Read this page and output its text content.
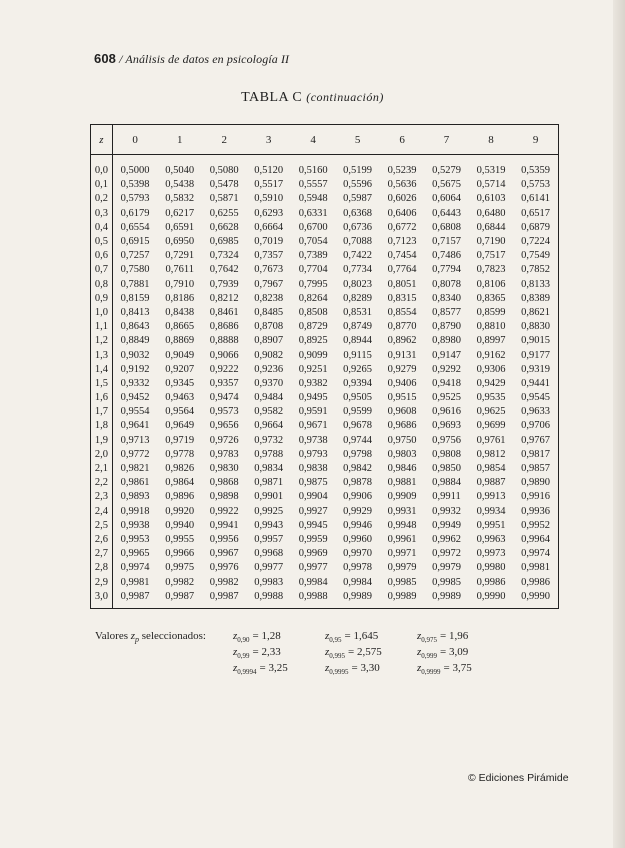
608 / Análisis de datos en psicología II
TABLA C (continuación)
z	0	1	2	3	4	5	6	7	8	9
0,0	0,5000	0,5040	0,5080	0,5120	0,5160	0,5199	0,5239	0,5279	0,5319	0,5359
0,1	0,5398	0,5438	0,5478	0,5517	0,5557	0,5596	0,5636	0,5675	0,5714	0,5753
0,2	0,5793	0,5832	0,5871	0,5910	0,5948	0,5987	0,6026	0,6064	0,6103	0,6141
0,3	0,6179	0,6217	0,6255	0,6293	0,6331	0,6368	0,6406	0,6443	0,6480	0,6517
0,4	0,6554	0,6591	0,6628	0,6664	0,6700	0,6736	0,6772	0,6808	0,6844	0,6879
0,5	0,6915	0,6950	0,6985	0,7019	0,7054	0,7088	0,7123	0,7157	0,7190	0,7224
0,6	0,7257	0,7291	0,7324	0,7357	0,7389	0,7422	0,7454	0,7486	0,7517	0,7549
0,7	0,7580	0,7611	0,7642	0,7673	0,7704	0,7734	0,7764	0,7794	0,7823	0,7852
0,8	0,7881	0,7910	0,7939	0,7967	0,7995	0,8023	0,8051	0,8078	0,8106	0,8133
0,9	0,8159	0,8186	0,8212	0,8238	0,8264	0,8289	0,8315	0,8340	0,8365	0,8389
1,0	0,8413	0,8438	0,8461	0,8485	0,8508	0,8531	0,8554	0,8577	0,8599	0,8621
1,1	0,8643	0,8665	0,8686	0,8708	0,8729	0,8749	0,8770	0,8790	0,8810	0,8830
1,2	0,8849	0,8869	0,8888	0,8907	0,8925	0,8944	0,8962	0,8980	0,8997	0,9015
1,3	0,9032	0,9049	0,9066	0,9082	0,9099	0,9115	0,9131	0,9147	0,9162	0,9177
1,4	0,9192	0,9207	0,9222	0,9236	0,9251	0,9265	0,9279	0,9292	0,9306	0,9319
1,5	0,9332	0,9345	0,9357	0,9370	0,9382	0,9394	0,9406	0,9418	0,9429	0,9441
1,6	0,9452	0,9463	0,9474	0,9484	0,9495	0,9505	0,9515	0,9525	0,9535	0,9545
1,7	0,9554	0,9564	0,9573	0,9582	0,9591	0,9599	0,9608	0,9616	0,9625	0,9633
1,8	0,9641	0,9649	0,9656	0,9664	0,9671	0,9678	0,9686	0,9693	0,9699	0,9706
1,9	0,9713	0,9719	0,9726	0,9732	0,9738	0,9744	0,9750	0,9756	0,9761	0,9767
2,0	0,9772	0,9778	0,9783	0,9788	0,9793	0,9798	0,9803	0,9808	0,9812	0,9817
2,1	0,9821	0,9826	0,9830	0,9834	0,9838	0,9842	0,9846	0,9850	0,9854	0,9857
2,2	0,9861	0,9864	0,9868	0,9871	0,9875	0,9878	0,9881	0,9884	0,9887	0,9890
2,3	0,9893	0,9896	0,9898	0,9901	0,9904	0,9906	0,9909	0,9911	0,9913	0,9916
2,4	0,9918	0,9920	0,9922	0,9925	0,9927	0,9929	0,9931	0,9932	0,9934	0,9936
2,5	0,9938	0,9940	0,9941	0,9943	0,9945	0,9946	0,9948	0,9949	0,9951	0,9952
2,6	0,9953	0,9955	0,9956	0,9957	0,9959	0,9960	0,9961	0,9962	0,9963	0,9964
2,7	0,9965	0,9966	0,9967	0,9968	0,9969	0,9970	0,9971	0,9972	0,9973	0,9974
2,8	0,9974	0,9975	0,9976	0,9977	0,9977	0,9978	0,9979	0,9979	0,9980	0,9981
2,9	0,9981	0,9982	0,9982	0,9983	0,9984	0,9984	0,9985	0,9985	0,9986	0,9986
3,0	0,9987	0,9987	0,9987	0,9988	0,9988	0,9989	0,9989	0,9989	0,9990	0,9990
Valores $z_p$ seleccionados: $z_{0,90} = 1,28$	$z_{0,95} = 1,645$	$z_{0,975} = 1,96$
$z_{0,99} = 2,33$	$z_{0,995} = 2,575$	$z_{0,999} = 3,09$
$z_{0,9994} = 3,25$	$z_{0,9995} = 3,30$	$z_{0,9999} = 3,75$
© Ediciones Pirámide
